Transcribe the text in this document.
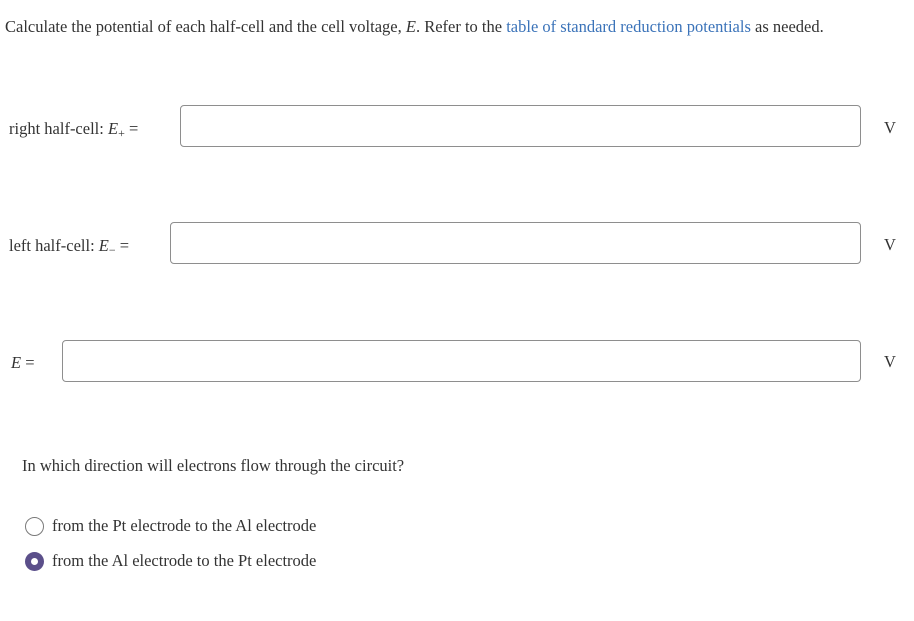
Calculate the potential of each half-cell and the cell voltage, E. Refer to the table of standard reduction potentials as needed.
right half-cell: $E_+$ =	V
left half-cell: $E_-$ =	V
E =	V
In which direction will electrons flow through the circuit?
from the Pt electrode to the Al electrode
from the Al electrode to the Pt electrode
